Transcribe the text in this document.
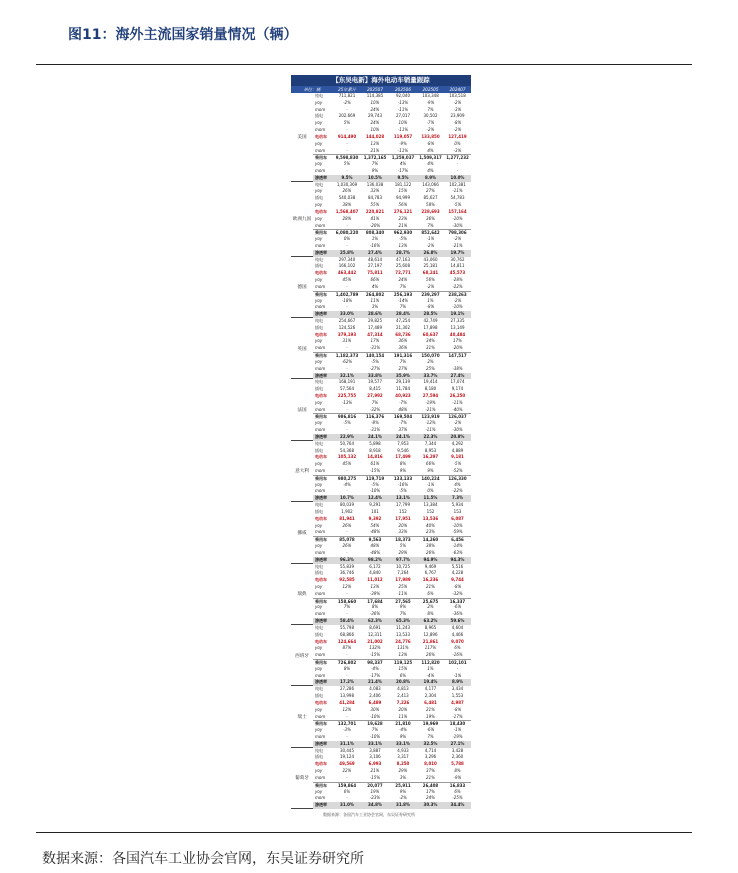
图11：海外主流国家销量情况（辆）
【东吴电新】海外电动车销量跟踪
单位：辆	25年累计	202507	202506	202505	202407
美国
纯电	711,821	114,385	92,040	103,348	103,518
yoy	-2%	10%	-13%	-9%	-2%
mom	-	24%	-11%	7%	-3%
插电	202,669	29,743	27,017	30,502	23,909
yoy	5%	24%	10%	-7%	-8%
mom	-	10%	-11%	-2%	-2%
电动车	914,490	144,028	119,057	133,850	127,419
yoy	-	13%	-9%	-8%	0%
mom	-	21%	-11%	4%	-3%
乘用车	9,598,830	1,372,165	1,259,037	1,509,317	1,277,232
yoy	5%	7%	4%	4%	-
mom	-	9%	-17%	4%	-
渗透率	9.5%	10.5%	9.5%	8.9%	10.0%
欧洲九国
纯电	1,030,369	136,038	181,122	143,066	102,381
yoy	26%	33%	15%	27%	-11%
插电	540,038	84,783	94,999	85,627	54,783
yoy	38%	55%	56%	58%	-5%
电动车	1,568,407	220,821	276,121	228,693	157,164
yoy	28%	41%	23%	36%	-10%
mom	-	-20%	21%	7%	-30%
乘用车	6,080,220	808,340	962,930	852,642	798,306
yoy	0%	1%	-5%	-1%	-2%
mom	-	-16%	13%	-2%	-21%
渗透率	25.8%	27.4%	28.7%	26.8%	19.7%
德国
纯电	297,340	48,614	47,163	43,060	30,762
插电	166,102	27,197	25,608	25,181	14,811
电动车	463,442	75,811	72,771	68,241	45,573
yoy	45%	66%	24%	56%	-28%
mom	-	4%	7%	-2%	-22%
乘用车	1,402,789	264,802	256,193	239,297	238,263
yoy	-18%	11%	-14%	1%	-2%
mom	-	3%	7%	-8%	-10%
渗透率	33.0%	28.6%	28.4%	28.5%	19.1%
英国
纯电	254,667	29,825	47,254	42,749	27,335
插电	124,526	17,489	21,302	17,898	13,149
电动车	379,193	47,314	68,736	60,637	40,484
yoy	31%	17%	36%	34%	17%
mom	-	-31%	36%	31%	-20%
乘用车	1,182,373	140,154	191,316	150,070	147,517
yoy	-62%	-5%	7%	2%	-
mom	-	-27%	27%	25%	-38%
渗透率	32.1%	33.8%	35.9%	33.7%	27.4%
法国
纯电	168,191	19,577	29,139	19,414	17,074
插电	57,564	8,415	11,784	8,180	9,174
电动车	225,755	27,992	40,923	27,594	26,250
yoy	-13%	7%	-7%	-19%	-11%
mom	-	-32%	48%	-21%	-40%
乘用车	986,816	116,376	169,504	123,919	126,037
yoy	-5%	-8%	-7%	-12%	-2%
mom	-	-31%	37%	-11%	-30%
渗透率	22.9%	24.1%	24.1%	22.3%	20.8%
意大利
纯电	50,764	5,898	7,953	7,344	4,292
插电	54,368	8,918	9,546	8,953	4,889
电动车	105,132	14,816	17,499	16,297	9,181
yoy	45%	61%	8%	66%	-5%
mom	-	-15%	9%	9%	-52%
乘用车	980,275	119,719	133,133	140,224	126,330
yoy	-4%	-5%	-16%	-1%	4%
mom	-	-10%	-5%	0%	-22%
渗透率	10.7%	12.4%	13.1%	11.5%	7.3%
挪威
纯电	80,039	9,291	17,799	13,384	5,934
插电	1,902	101	152	152	153
电动车	81,941	9,392	17,951	13,536	6,087
yoy	26%	54%	20%	40%	-10%
mom	-	-48%	33%	23%	-59%
乘用车	85,078	9,563	18,373	14,260	6,456
yoy	26%	48%	5%	38%	-14%
mom	-	-48%	29%	26%	-63%
渗透率	96.3%	98.2%	97.7%	94.9%	94.3%
瑞典
纯电	55,839	6,172	10,725	9,469	5,516
插电	36,746	4,840	7,264	6,767	4,228
电动车	92,585	11,012	17,989	16,236	9,744
yoy	12%	13%	25%	21%	-8%
mom	-	-39%	11%	6%	-32%
乘用车	158,660	17,684	27,565	25,675	16,337
yoy	7%	8%	9%	2%	-6%
mom	-	-36%	7%	8%	-36%
渗透率	58.4%	62.3%	65.3%	63.2%	59.6%
西班牙
纯电	55,798	8,691	11,243	8,965	4,604
插电	68,866	12,311	13,533	12,896	4,466
电动车	124,664	21,002	24,776	21,861	9,070
yoy	87%	132%	131%	117%	6%
mom	-	-15%	13%	26%	-16%
乘用车	726,802	98,337	119,125	112,820	102,101
yoy	8%	-4%	15%	1%	-
mom	-	-17%	6%	-4%	-1%
渗透率	17.2%	21.4%	20.8%	19.4%	8.9%
瑞士
纯电	27,286	4,083	4,813	4,177	3,434
插电	13,998	2,406	2,413	2,304	1,553
电动车	41,284	6,489	7,226	6,481	4,987
yoy	12%	30%	20%	21%	-8%
mom	-	-10%	11%	19%	-17%
乘用车	132,701	19,628	21,810	19,969	18,430
yoy	-3%	7%	-4%	-6%	-1%
mom	-	-10%	9%	7%	-19%
渗透率	31.1%	33.1%	33.1%	32.5%	27.1%
葡萄牙
纯电	30,445	3,887	4,933	4,714	3,428
插电	19,124	3,106	3,317	3,296	2,360
电动车	49,569	6,993	8,250	8,010	5,788
yoy	22%	21%	29%	37%	8%
mom	-	-15%	3%	21%	-9%
乘用车	159,864	20,077	25,911	26,408	16,833
yoy	6%	19%	9%	17%	6%
mom	-	-23%	-2%	24%	-25%
渗透率	31.0%	34.8%	31.8%	30.3%	34.4%
数据来源：各国汽车工业协会官网，东吴证券研究所
数据来源：各国汽车工业协会官网，东吴证券研究所
